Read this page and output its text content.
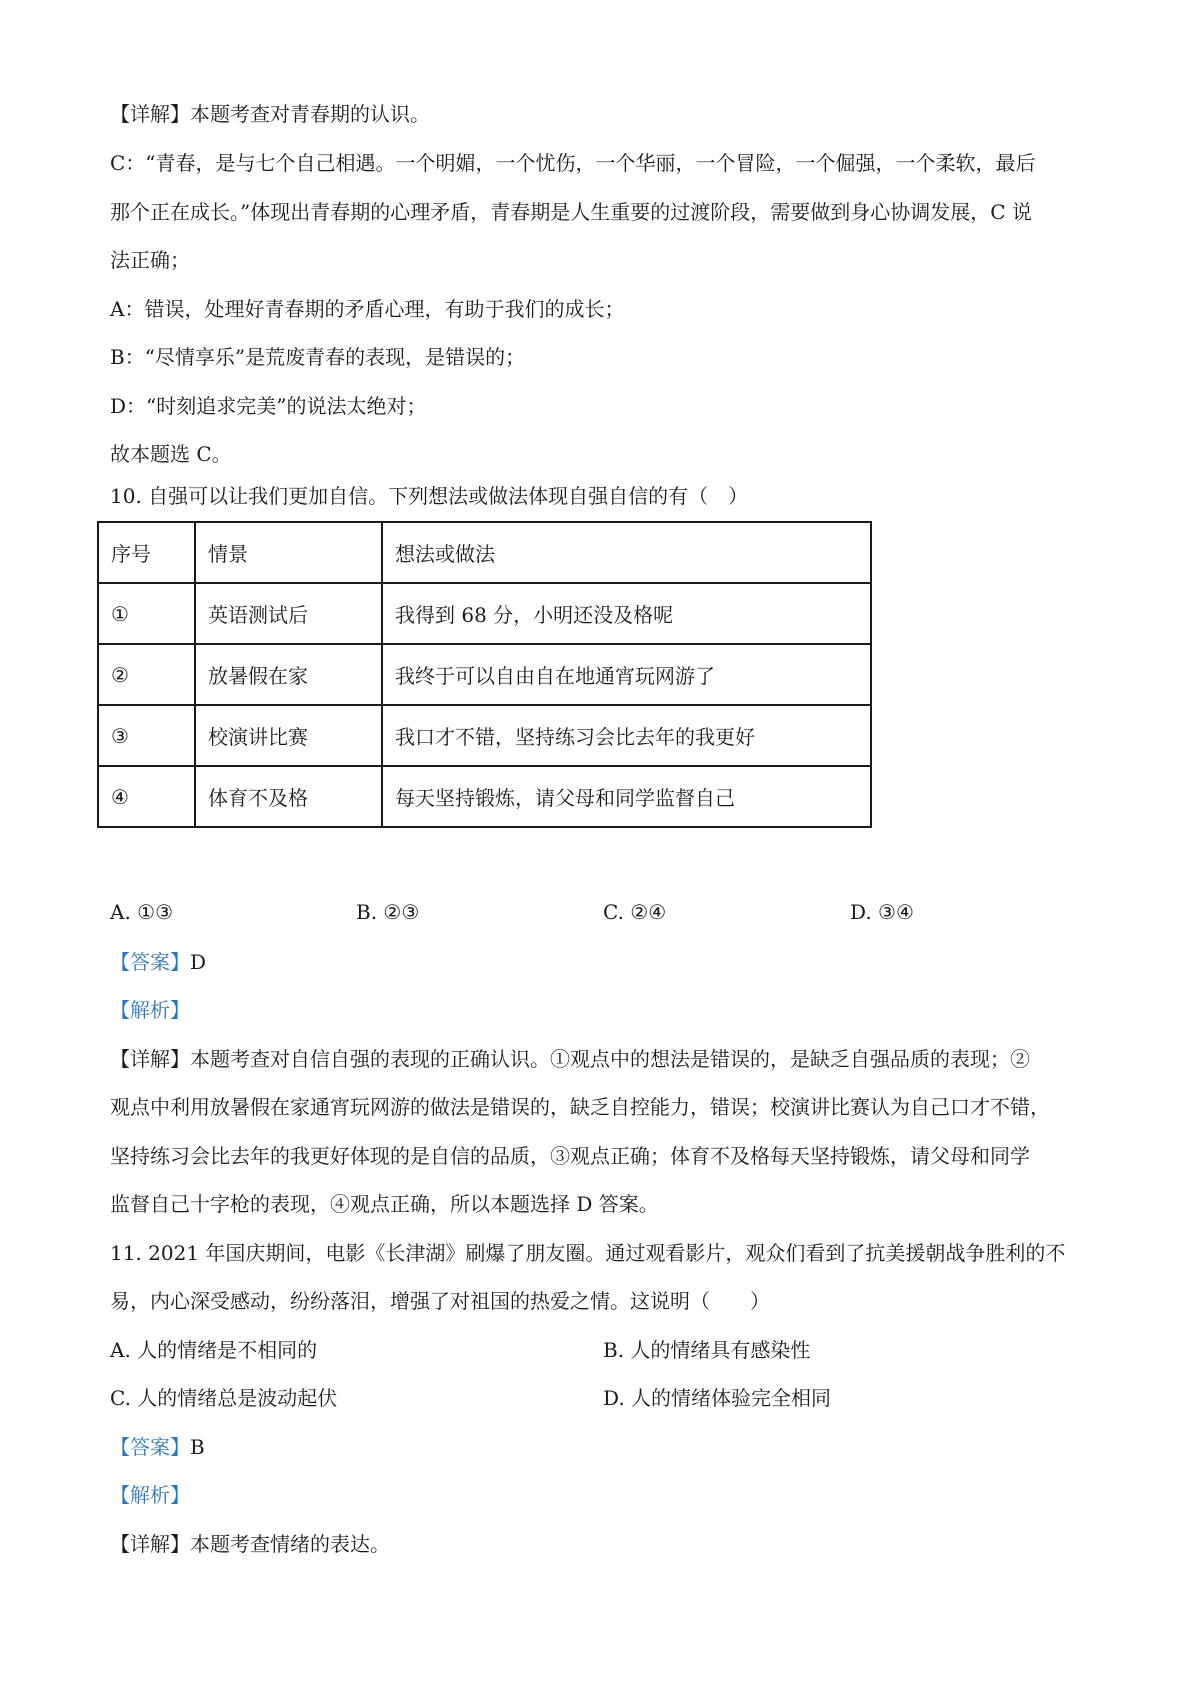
【详解】本题考查对青春期的认识。
C：“青春，是与七个自己相遇。一个明媚，一个忧伤，一个华丽，一个冒险，一个倔强，一个柔软，最后
那个正在成长。”体现出青春期的心理矛盾，青春期是人生重要的过渡阶段，需要做到身心协调发展，C 说
法正确；
A：错误，处理好青春期的矛盾心理，有助于我们的成长；
B：“尽情享乐”是荒废青春的表现，是错误的；
D：“时刻追求完美”的说法太绝对；
故本题选 C。
10. 自强可以让我们更加自信。下列想法或做法体现自强自信的有（　）
序号	情景	想法或做法
①	英语测试后	我得到 68 分，小明还没及格呢
②	放暑假在家	我终于可以自由自在地通宵玩网游了
③	校演讲比赛	我口才不错，坚持练习会比去年的我更好
④	体育不及格	每天坚持锻炼，请父母和同学监督自己
A. ①③	B. ②③	C. ②④	D. ③④
【答案】D
【解析】
【详解】本题考查对自信自强的表现的正确认识。①观点中的想法是错误的，是缺乏自强品质的表现；②
观点中利用放暑假在家通宵玩网游的做法是错误的，缺乏自控能力，错误；校演讲比赛认为自己口才不错，
坚持练习会比去年的我更好体现的是自信的品质，③观点正确；体育不及格每天坚持锻炼，请父母和同学
监督自己十字枪的表现，④观点正确，所以本题选择 D 答案。
11. 2021 年国庆期间，电影《长津湖》刷爆了朋友圈。通过观看影片，观众们看到了抗美援朝战争胜利的不
易，内心深受感动，纷纷落泪，增强了对祖国的热爱之情。这说明（　　）
A. 人的情绪是不相同的	B. 人的情绪具有感染性
C. 人的情绪总是波动起伏	D. 人的情绪体验完全相同
【答案】B
【解析】
【详解】本题考查情绪的表达。
